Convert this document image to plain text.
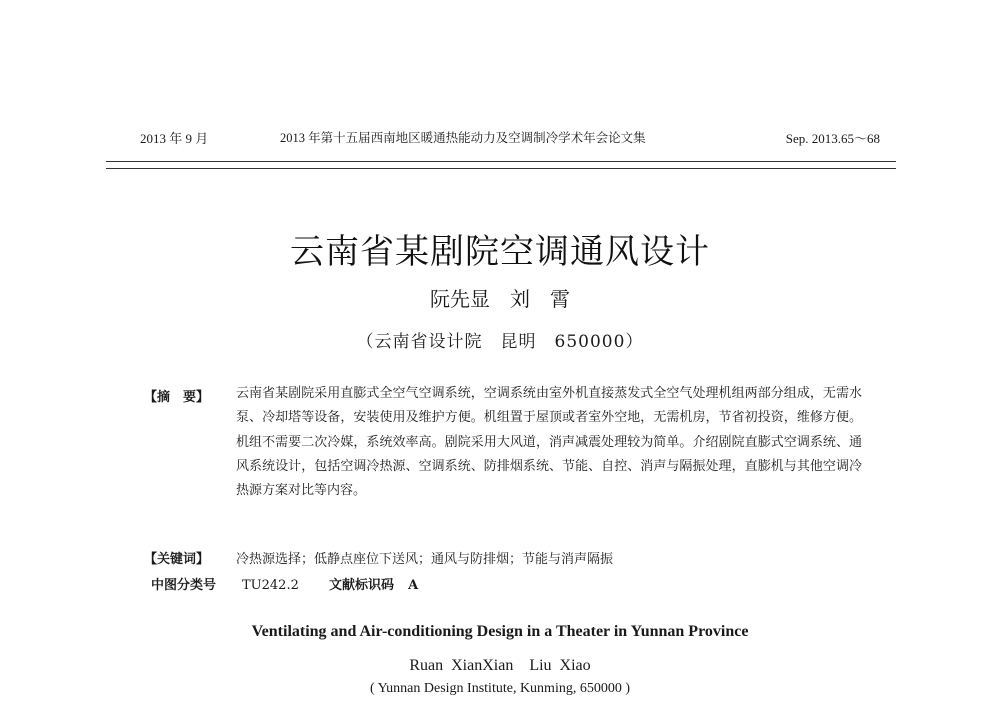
2013 年 9 月	2013 年第十五届西南地区暖通热能动力及空调制冷学术年会论文集	Sep. 2013.65～68
云南省某剧院空调通风设计
阮先显　刘　霄
（云南省设计院　昆明　650000）
【摘　要】 云南省某剧院采用直膨式全空气空调系统，空调系统由室外机直接蒸发式全空气处理机组两部分组成，无需水泵、冷却塔等设备，安装使用及维护方便。机组置于屋顶或者室外空地，无需机房，节省初投资，维修方便。机组不需要二次冷媒，系统效率高。剧院采用大风道，消声减震处理较为简单。介绍剧院直膨式空调系统、通风系统设计，包括空调冷热源、空调系统、防排烟系统、节能、自控、消声与隔振处理，直膨机与其他空调冷热源方案对比等内容。
【关键词】 冷热源选择；低静点座位下送风；通风与防排烟；节能与消声隔振
中图分类号 TU242.2 文献标识码 A
Ventilating and Air-conditioning Design in a Theater in Yunnan Province
Ruan XianXian　Liu Xiao
( Yunnan Design Institute, Kunming, 650000 )
